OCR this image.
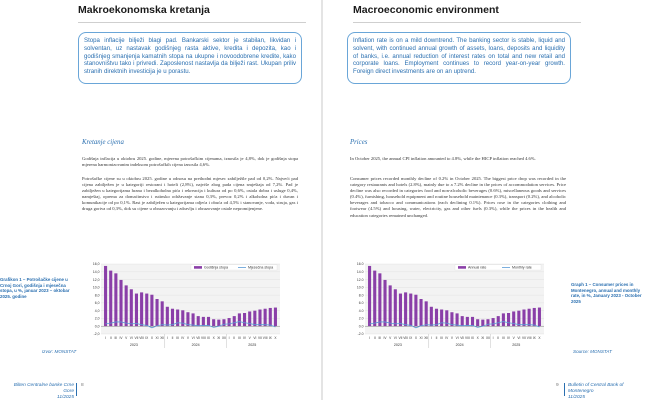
Makroekonomska kretanja
Stopa inflacije bilježi blagi pad. Bankarski sektor je stabilan, likvidan i solventan, uz nastavak godišnjeg rasta aktive, kredita i depozita, kao i godišnjeg smanjenja kamatnih stopa na ukupne i novoodobrene kredite, kako stanovništvu tako i privredi. Zaposlenost nastavlja da bilježi rast. Ukupan priliv stranih direktnih investicija je u porastu.
Kretanje cijena
Godišnja inflacija u oktobru 2025. godine, mjerena potrošačkim cijenama, iznosila je 4,8%, dok je godišnja stopa mjerena harmonizovanim indeksom potrošačkih cijena iznosila 4,6%.
Potrošačke cijene su u oktobru 2025. godine u odnosu na prethodni mjesec zabilježile pad od 0,2%. Najveći pad cijena zabilježen je u kategoriji restorani i hoteli (2,8%), najviše zbog pada cijena smještaja od 7,2%. Pad je zabilježen u kategorijama hrana i bezalkoholna pića i rekreacija i kultura od po 0,6%, ostala dobra i usluge 0,4%, namještaj, oprema za domaćinstvo i rutinsko održavanje stana 0,3%, prevoz 0,2% i alkoholna pića i duvan i komunikacije od po 0,1%. Rast je zabilježen u kategorijama odjeća i obuća od 4,5% i stanovanje, voda, struja, gas i druga goriva od 0,3%, dok su cijene u obrazovanju i zdravlju i obrazovanje ostale nepromijenjene.
Grafikon 1 – Potrošačke cijene u Crnoj Gori, godišnja i mjesečna stopa, u %, januar 2023 – oktobar 2025. godine
16,0
14,0
12,0
10,0
8,0
6,0
4,0
2,0
0,0
-2,0
I II III IV V VI VII VIII IX X XI XII I II III IV V VI VII VIII IX X XI XII I II III IV V VI VII VIII IX X
2023	2024	2025
Godišnja stopa	Mjesečna stopa
Izvor: MONSTAT
Bilten Centralne banke Crne Gore
11/2025
8
Macroeconomic environment
Inflation rate is on a mild downtrend. The banking sector is stable, liquid and solvent, with continued annual growth of assets, loans, deposits and liquidity of banks, i.e. annual reduction of interest rates on total and new retail and corporate loans. Employment continues to record year-on-year growth. Foreign direct investments are on an uptrend.
Prices
In October 2025, the annual CPI inflation amounted to 4.8%, while the HICP inflation reached 4.6%.
Consumer prices recorded monthly decline of 0.2% in October 2025. The biggest price drop was recorded in the category restaurants and hotels (2.8%), mainly due to a 7.2% decline in the prices of accommodation services. Price decline was also recorded in categories food and non-alcoholic beverages (0.6%), miscellaneous goods and services (0.4%), furnishing, household equipment and routine household maintenance (0.3%), transport (0.2%), and alcoholic beverages and tobacco and communications (each declining 0.1%). Prices rose in the categories clothing and footwear (4.5%) and housing, water, electricity, gas and other fuels (0.3%), while the prices in the health and education categories remained unchanged.
16.0
14.0
12.0
10.0
8.0
6.0
4.0
2.0
0.0
-2.0
I II III IV V VI VII VIII IX X XI XII I II III IV V VI VII VIII IX X XI XII I II III IV V VI VII VIII IX X
2023	2024	2025
Annual rate	Monthly rate
Graph 1 – Consumer prices in Montenegro, annual and monthly rate, in %, January 2023 - October 2025
Source: MONSTAT
9 Bulletin of Central Bank of Montenegro
11/2025
